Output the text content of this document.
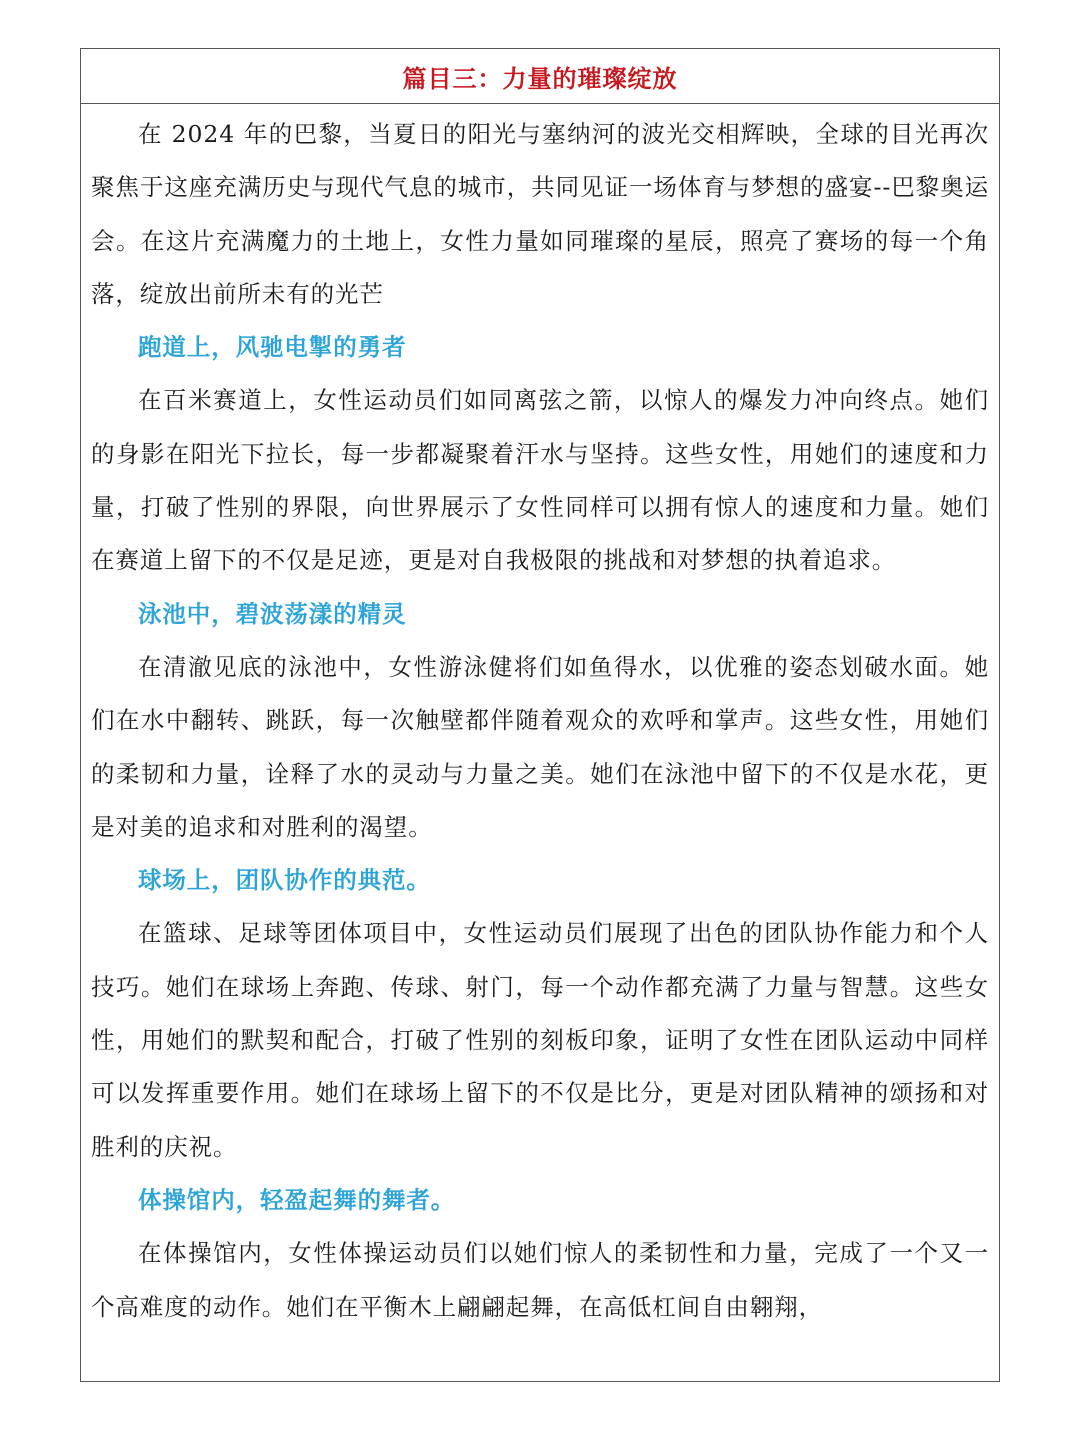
篇目三：力量的璀璨绽放

在 2024 年的巴黎，当夏日的阳光与塞纳河的波光交相辉映，全球的目光再次聚焦于这座充满历史与现代气息的城市，共同见证一场体育与梦想的盛宴--巴黎奥运会。在这片充满魔力的土地上，女性力量如同璀璨的星辰，照亮了赛场的每一个角落，绽放出前所未有的光芒

跑道上，风驰电掣的勇者

在百米赛道上，女性运动员们如同离弦之箭，以惊人的爆发力冲向终点。她们的身影在阳光下拉长，每一步都凝聚着汗水与坚持。这些女性，用她们的速度和力量，打破了性别的界限，向世界展示了女性同样可以拥有惊人的速度和力量。她们在赛道上留下的不仅是足迹，更是对自我极限的挑战和对梦想的执着追求。

泳池中，碧波荡漾的精灵

在清澈见底的泳池中，女性游泳健将们如鱼得水，以优雅的姿态划破水面。她们在水中翻转、跳跃，每一次触壁都伴随着观众的欢呼和掌声。这些女性，用她们的柔韧和力量，诠释了水的灵动与力量之美。她们在泳池中留下的不仅是水花，更是对美的追求和对胜利的渴望。

球场上，团队协作的典范。

在篮球、足球等团体项目中，女性运动员们展现了出色的团队协作能力和个人技巧。她们在球场上奔跑、传球、射门，每一个动作都充满了力量与智慧。这些女性，用她们的默契和配合，打破了性别的刻板印象，证明了女性在团队运动中同样可以发挥重要作用。她们在球场上留下的不仅是比分，更是对团队精神的颂扬和对胜利的庆祝。

体操馆内，轻盈起舞的舞者。

在体操馆内，女性体操运动员们以她们惊人的柔韧性和力量，完成了一个又一个高难度的动作。她们在平衡木上翩翩起舞，在高低杠间自由翱翔，
